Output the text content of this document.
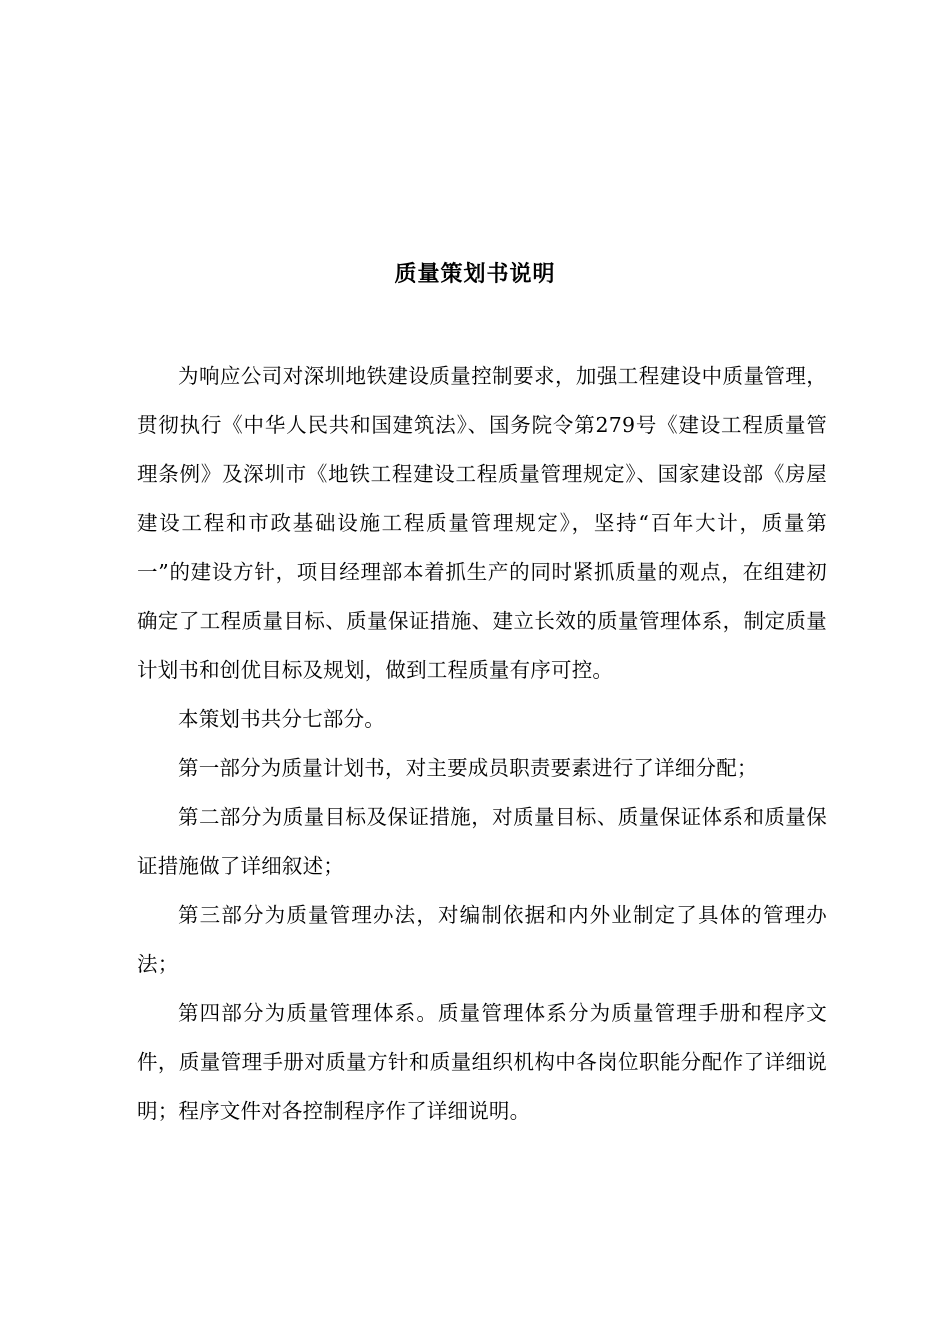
质量策划书说明

为响应公司对深圳地铁建设质量控制要求，加强工程建设中质量管理，贯彻执行《中华人民共和国建筑法》、国务院令第279号《建设工程质量管理条例》及深圳市《地铁工程建设工程质量管理规定》、国家建设部《房屋建设工程和市政基础设施工程质量管理规定》，坚持“百年大计，质量第一”的建设方针，项目经理部本着抓生产的同时紧抓质量的观点，在组建初确定了工程质量目标、质量保证措施、建立长效的质量管理体系，制定质量计划书和创优目标及规划，做到工程质量有序可控。

本策划书共分七部分。

第一部分为质量计划书，对主要成员职责要素进行了详细分配；

第二部分为质量目标及保证措施，对质量目标、质量保证体系和质量保证措施做了详细叙述；

第三部分为质量管理办法，对编制依据和内外业制定了具体的管理办法；

第四部分为质量管理体系。质量管理体系分为质量管理手册和程序文件，质量管理手册对质量方针和质量组织机构中各岗位职能分配作了详细说明；程序文件对各控制程序作了详细说明。
